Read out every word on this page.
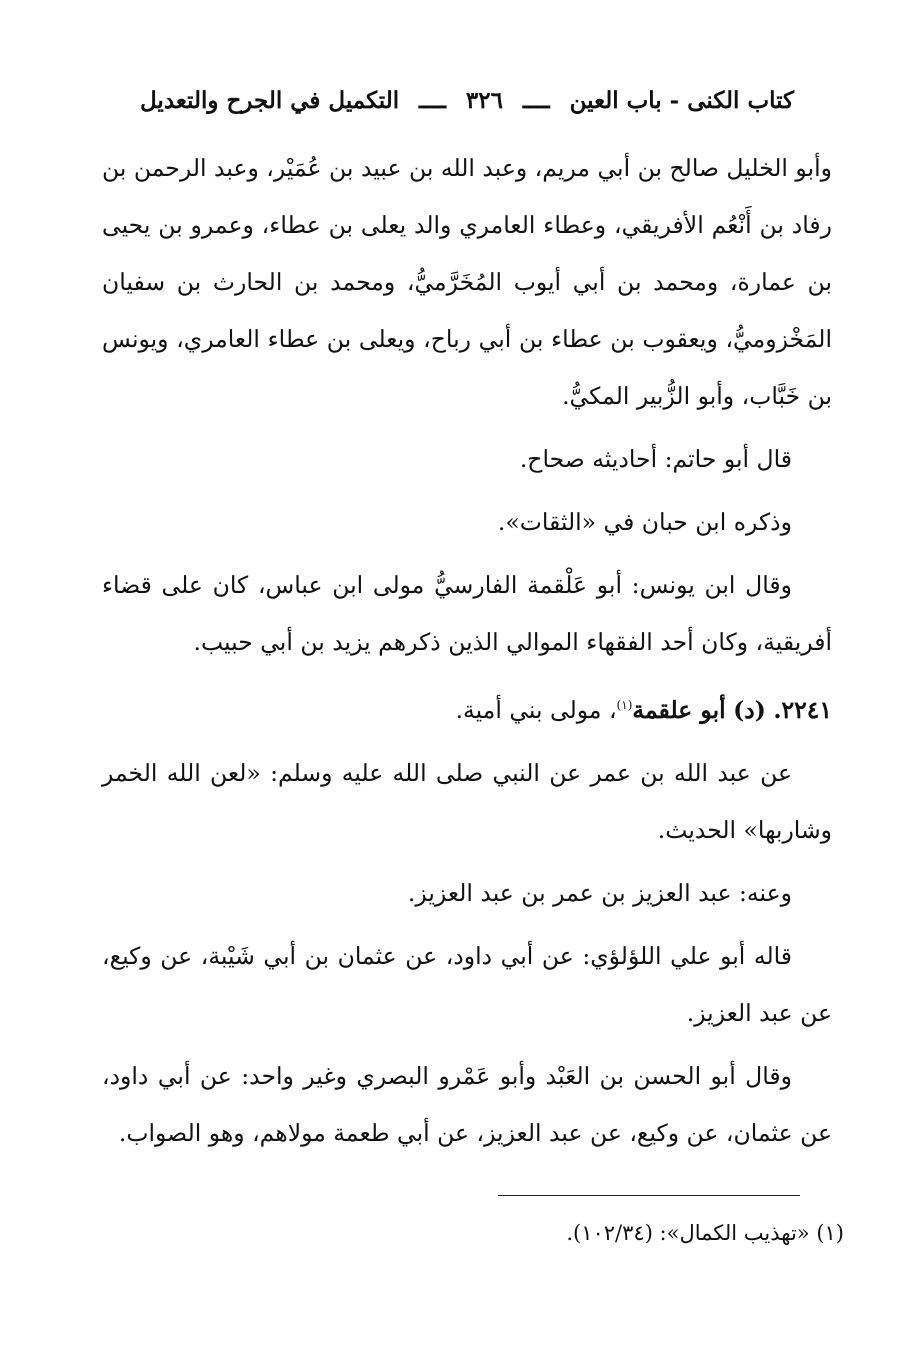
كتاب الكنى - باب العين
ــــ
٣٢٦
ــــ
التكميل في الجرح والتعديل

وأبو الخليل صالح بن أبي مريم، وعبد الله بن عبيد بن عُمَيْر، وعبد الرحمن بن رفاد بن أَنْعُم الأفريقي، وعطاء العامري والد يعلى بن عطاء، وعمرو بن يحيى بن عمارة، ومحمد بن أبي أيوب المُخَرَّميُّ، ومحمد بن الحارث بن سفيان المَخْزوميُّ، ويعقوب بن عطاء بن أبي رباح، ويعلى بن عطاء العامري، ويونس بن خَبَّاب، وأبو الزُّبير المكيُّ.

قال أبو حاتم: أحاديثه صحاح.

وذكره ابن حبان في «الثقات».

وقال ابن يونس: أبو عَلْقمة الفارسيُّ مولى ابن عباس، كان على قضاء أفريقية، وكان أحد الفقهاء الموالي الذين ذكرهم يزيد بن أبي حبيب.

٢٢٤١. (د) أبو علقمة$^{(١)}$، مولى بني أمية.

عن عبد الله بن عمر عن النبي صلى الله عليه وسلم: «لعن الله الخمر وشاربها» الحديث.

وعنه: عبد العزيز بن عمر بن عبد العزيز.

قاله أبو علي اللؤلؤي: عن أبي داود، عن عثمان بن أبي شَيْبة، عن وكيع، عن عبد العزيز.

وقال أبو الحسن بن العَبْد وأبو عَمْرو البصري وغير واحد: عن أبي داود، عن عثمان، عن وكيع، عن عبد العزيز، عن أبي طعمة مولاهم، وهو الصواب.

(١) «تهذيب الكمال»: (١٠٢/٣٤).
